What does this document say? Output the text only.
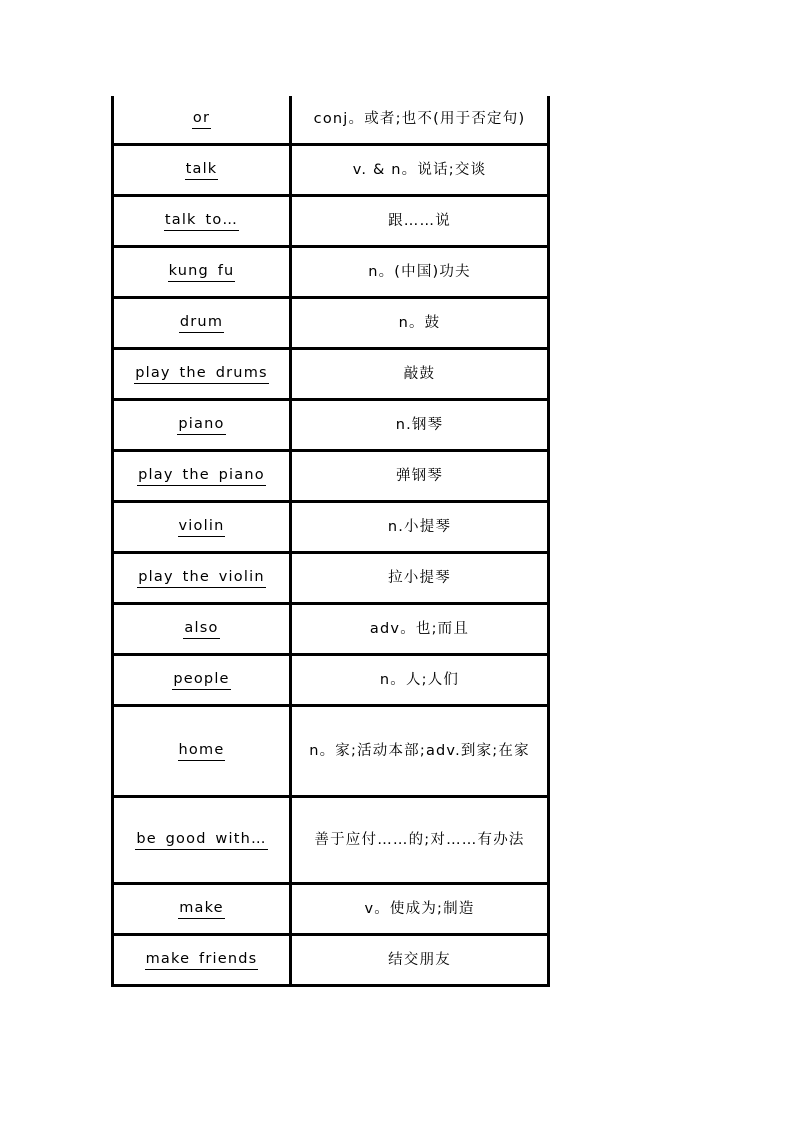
or	conj。或者;也不(用于否定句)
talk	v. & n。说话;交谈
talk to…	跟……说
kung fu	n。(中国)功夫
drum	n。鼓
play the drums	敲鼓
piano	n.钢琴
play the piano	弹钢琴
violin	n.小提琴
play the violin	拉小提琴
also	adv。也;而且
people	n。人;人们
home	n。家;活动本部;adv.到家;在家
be good with…	善于应付……的;对……有办法
make	v。使成为;制造
make friends	结交朋友
